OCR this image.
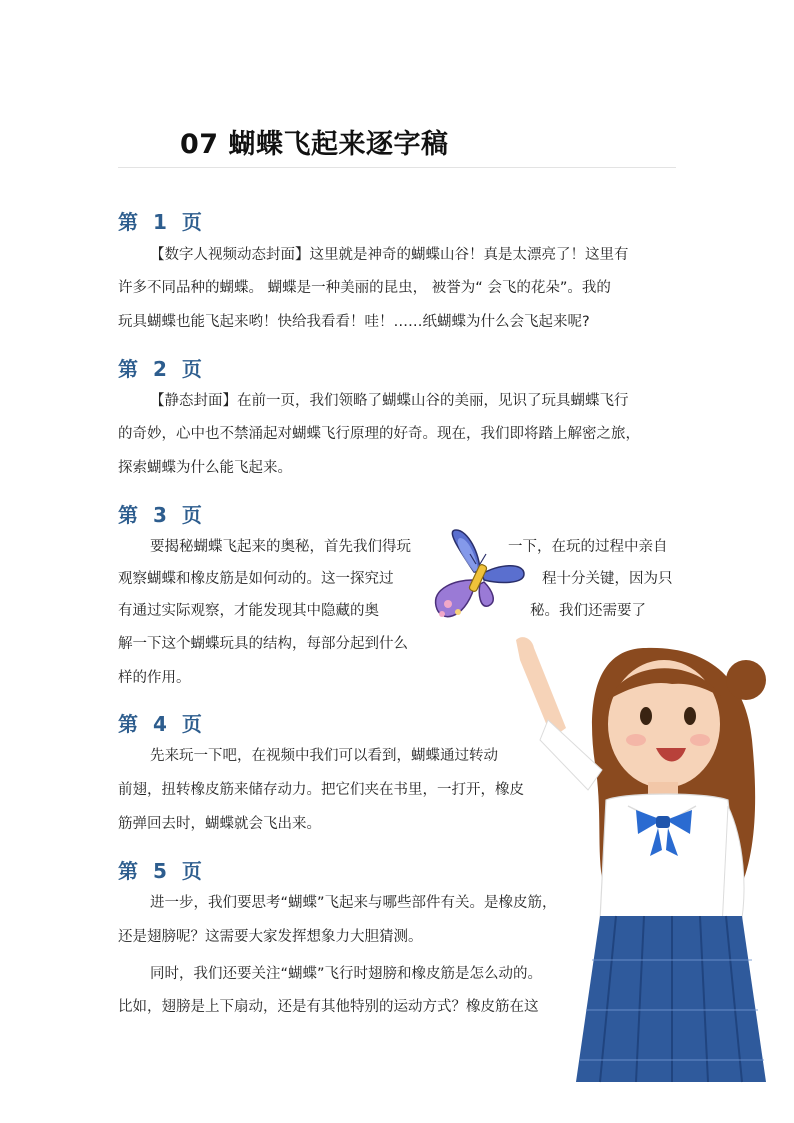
07 蝴蝶飞起来逐字稿
第 1 页
【数字人视频动态封面】这里就是神奇的蝴蝶山谷！真是太漂亮了！这里有
许多不同品种的蝴蝶。 蝴蝶是一种美丽的昆虫， 被誉为“ 会飞的花朵”。我的
玩具蝴蝶也能飞起来哟！快给我看看！哇！……纸蝴蝶为什么会飞起来呢?
第 2 页
【静态封面】在前一页，我们领略了蝴蝶山谷的美丽，见识了玩具蝴蝶飞行
的奇妙，心中也不禁涌起对蝴蝶飞行原理的好奇。现在，我们即将踏上解密之旅，
探索蝴蝶为什么能飞起来。
第 3 页
要揭秘蝴蝶飞起来的奥秘，首先我们得玩	一下，在玩的过程中亲自
观察蝴蝶和橡皮筋是如何动的。这一探究过	程十分关键，因为只
有通过实际观察，才能发现其中隐藏的奥	秘。我们还需要了
解一下这个蝴蝶玩具的结构，每部分起到什么
样的作用。
第 4 页
先来玩一下吧，在视频中我们可以看到，蝴蝶通过转动
前翅，扭转橡皮筋来储存动力。把它们夹在书里，一打开，橡皮
筋弹回去时，蝴蝶就会飞出来。
第 5 页
进一步，我们要思考“蝴蝶”飞起来与哪些部件有关。是橡皮筋，
还是翅膀呢？这需要大家发挥想象力大胆猜测。
同时，我们还要关注“蝴蝶”飞行时翅膀和橡皮筋是怎么动的。
比如，翅膀是上下扇动，还是有其他特别的运动方式？橡皮筋在这
